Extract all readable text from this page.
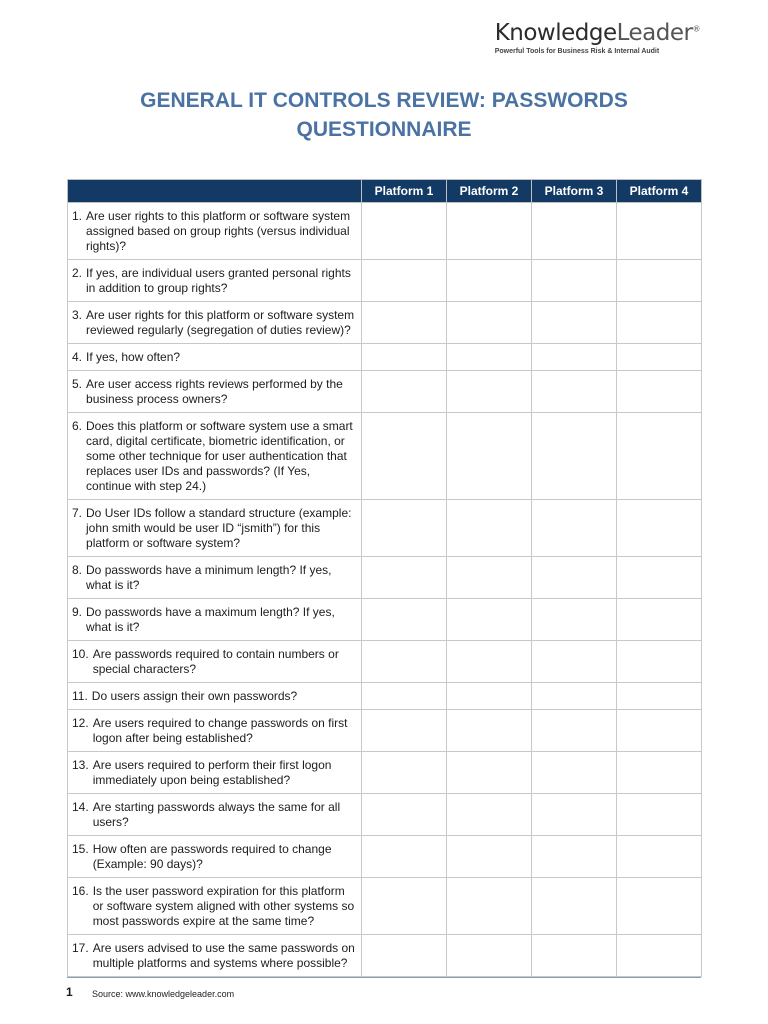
KnowledgeLeader®
Powerful Tools for Business Risk & Internal Audit
GENERAL IT CONTROLS REVIEW: PASSWORDS
QUESTIONNAIRE
	Platform 1	Platform 2	Platform 3	Platform 4

1. Are user rights to this platform or software system assigned based on group rights (versus individual rights)?				

2. If yes, are individual users granted personal rights in addition to group rights?				

3. Are user rights for this platform or software system reviewed regularly (segregation of duties review)?				

4. If yes, how often?				

5. Are user access rights reviews performed by the business process owners?				

6. Does this platform or software system use a smart card, digital certificate, biometric identification, or some other technique for user authentication that replaces user IDs and passwords? (If Yes, continue with step 24.)				

7. Do User IDs follow a standard structure (example: john smith would be user ID “jsmith”) for this platform or software system?				

8. Do passwords have a minimum length? If yes, what is it?				

9. Do passwords have a maximum length? If yes, what is it?				

10. Are passwords required to contain numbers or special characters?				

11. Do users assign their own passwords?				

12. Are users required to change passwords on first logon after being established?				

13. Are users required to perform their first logon immediately upon being established?				

14. Are starting passwords always the same for all users?				

15. How often are passwords required to change (Example: 90 days)?				

16. Is the user password expiration for this platform or software system aligned with other systems so most passwords expire at the same time?				

17. Are users advised to use the same passwords on multiple platforms and systems where possible?				

1 Source: www.knowledgeleader.com
